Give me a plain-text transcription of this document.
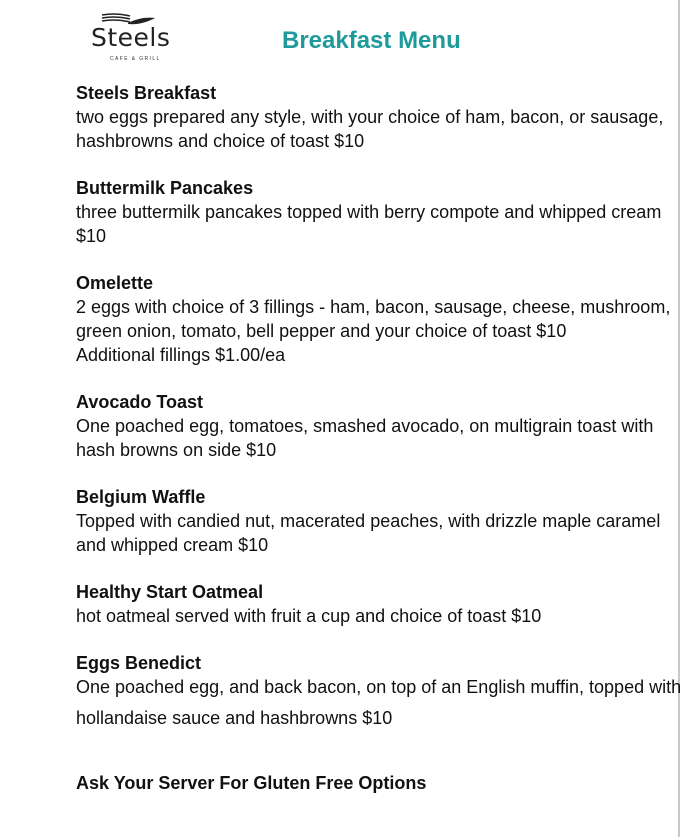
Steels
CAFE & GRILL
Breakfast Menu
Steels Breakfast

two eggs prepared any style, with your choice of ham, bacon, or sausage, hashbrowns and choice of toast $10

Buttermilk Pancakes

three buttermilk pancakes topped with berry compote and whipped cream $10

Omelette

2 eggs with choice of 3 fillings - ham, bacon, sausage, cheese, mushroom, green onion, tomato, bell pepper and your choice of toast $10

Additional fillings $1.00/ea
Avocado Toast

One poached egg, tomatoes, smashed avocado, on multigrain toast with hash browns on side $10

Belgium Waffle

Topped with candied nut, macerated peaches, with drizzle maple caramel and whipped cream $10

Healthy Start Oatmeal

hot oatmeal served with fruit a cup and choice of toast $10

Eggs Benedict

One poached egg, and back bacon, on top of an English muffin, topped with hollandaise sauce and hashbrowns $10

Ask Your Server For Gluten Free Options
